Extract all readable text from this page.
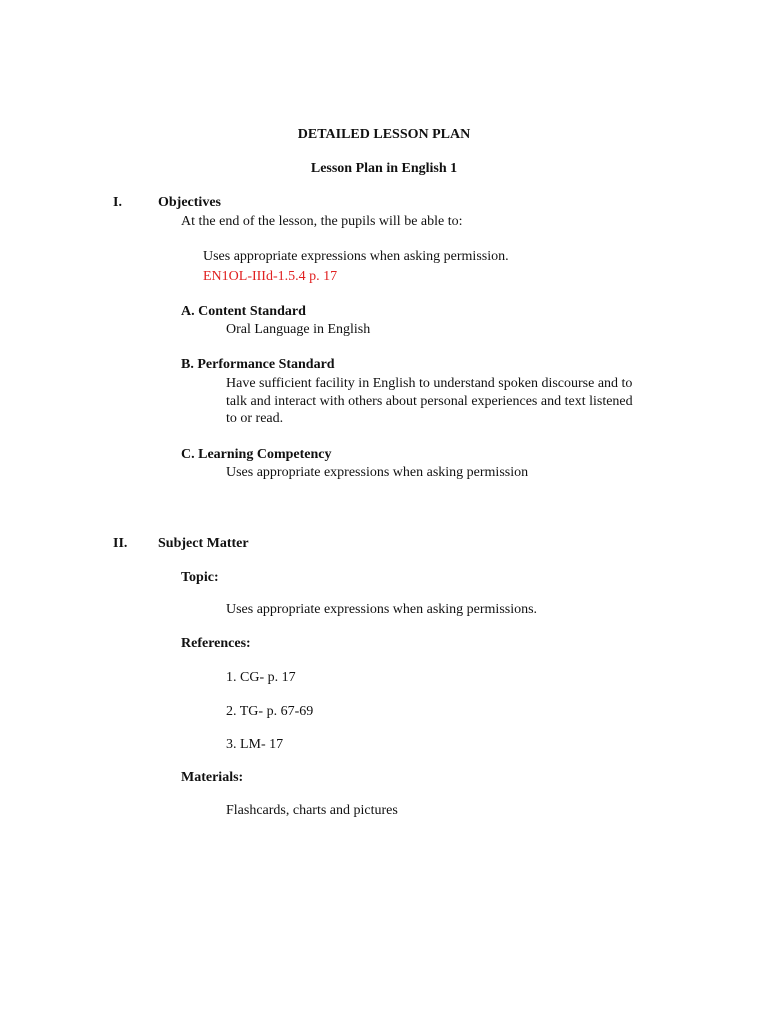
DETAILED LESSON PLAN
Lesson Plan in English 1
I.	Objectives
At the end of the lesson, the pupils will be able to:
Uses appropriate expressions when asking permission.
EN1OL-IIId-1.5.4 p. 17
A. Content Standard
Oral Language in English
B. Performance Standard
Have sufficient facility in English to understand spoken discourse and to
talk and interact with others about personal experiences and text listened
to or read.
C. Learning Competency
Uses appropriate expressions when asking permission
II. Subject Matter
Topic:
Uses appropriate expressions when asking permissions.
References:
1. CG- p. 17
2. TG- p. 67-69
3. LM- 17
Materials:
Flashcards, charts and pictures
